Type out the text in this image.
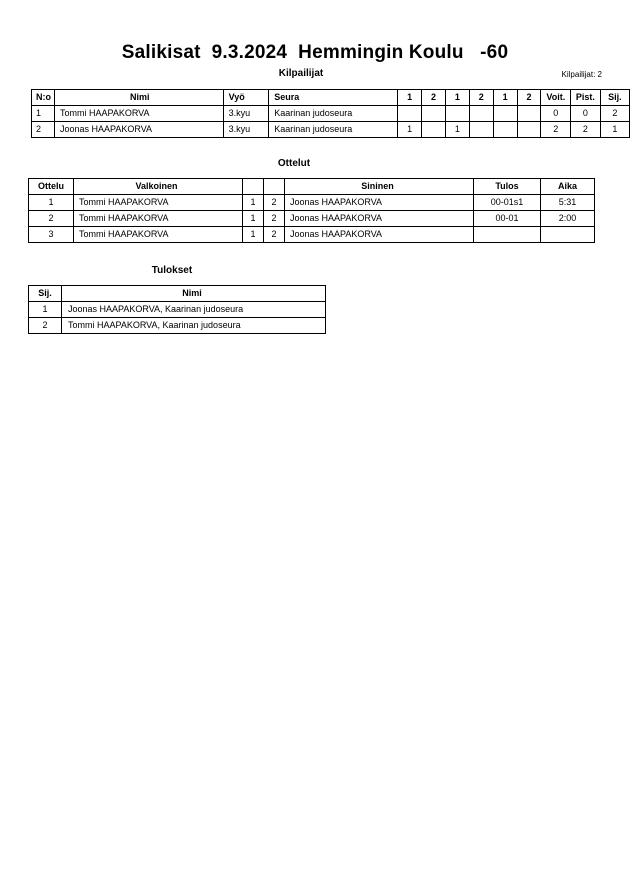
Salikisat  9.3.2024  Hemmingin Koulu   -60
Kilpailijat	Kilpailijat: 2
N:o	Nimi	Vyö	Seura	1	2	1	2	1	2	Voit.	Pist.	Sij.
1	Tommi HAAPAKORVA	3.kyu	Kaarinan judoseura							0	0	2
2	Joonas HAAPAKORVA	3.kyu	Kaarinan judoseura	1		1				2	2	1
Ottelut
Ottelu	Valkoinen			Sininen	Tulos	Aika
1	Tommi HAAPAKORVA	1	2	Joonas HAAPAKORVA	00-01s1	5:31
2	Tommi HAAPAKORVA	1	2	Joonas HAAPAKORVA	00-01	2:00
3	Tommi HAAPAKORVA	1	2	Joonas HAAPAKORVA		
Tulokset
Sij.	Nimi
1	Joonas HAAPAKORVA, Kaarinan judoseura
2	Tommi HAAPAKORVA, Kaarinan judoseura
